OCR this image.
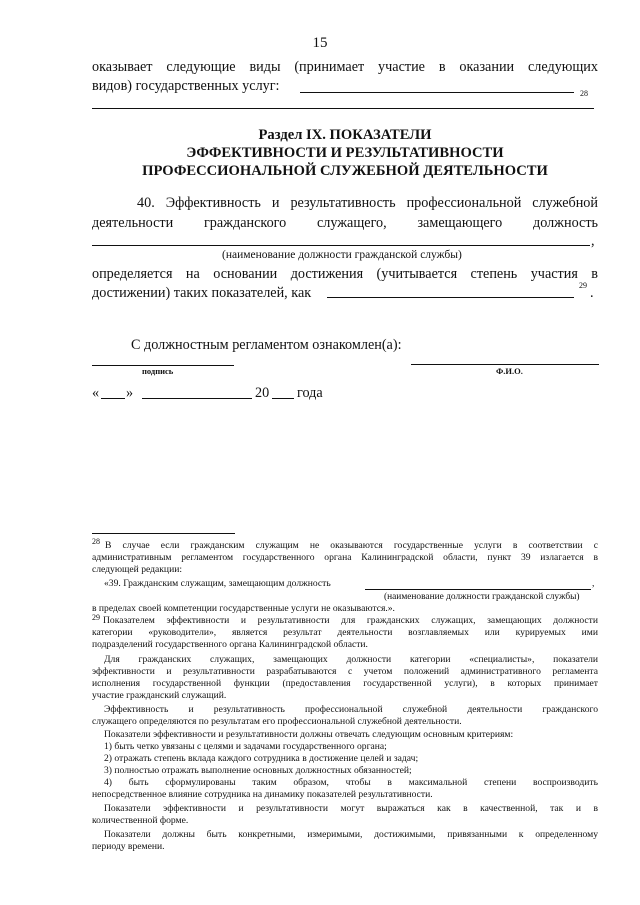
15
оказывает следующие виды (принимает участие в оказании следующих
видов) государственных услуг:	28
Раздел IX. ПОКАЗАТЕЛИ
ЭФФЕКТИВНОСТИ И РЕЗУЛЬТАТИВНОСТИ
ПРОФЕССИОНАЛЬНОЙ СЛУЖЕБНОЙ ДЕЯТЕЛЬНОСТИ
40. Эффективность и результативность профессиональной служебной
деятельности гражданского служащего, замещающего должность
,
(наименование должности гражданской службы)
определяется на основании достижения (учитывается степень участия в
достижении) таких показателей, как	29 .
С должностным регламентом ознакомлен(а):
подпись	Ф.И.О.
« »	20 года
28 В случае если гражданским служащим не оказываются государственные услуги в соответствии с
административным регламентом государственного органа Калининградской области, пункт 39 излагается в
следующей редакции:
«39. Гражданским служащим, замещающим должность	,
(наименование должности гражданской службы)
в пределах своей компетенции государственные услуги не оказываются.».
29 Показателем эффективности и результативности для гражданских служащих, замещающих должности
категории «руководители», является результат деятельности возглавляемых или курируемых ими
подразделений государственного органа Калининградской области.
Для гражданских служащих, замещающих должности категории «специалисты», показатели
эффективности и результативности разрабатываются с учетом положений административного регламента
исполнения государственной функции (предоставления государственной услуги), в которых принимает
участие гражданский служащий.
Эффективность и результативность профессиональной служебной деятельности гражданского
служащего определяются по результатам его профессиональной служебной деятельности.
Показатели эффективности и результативности должны отвечать следующим основным критериям:
1) быть четко увязаны с целями и задачами государственного органа;
2) отражать степень вклада каждого сотрудника в достижение целей и задач;
3) полностью отражать выполнение основных должностных обязанностей;
4) быть сформулированы таким образом, чтобы в максимальной степени воспроизводить
непосредственное влияние сотрудника на динамику показателей результативности.
Показатели эффективности и результативности могут выражаться как в качественной, так и в
количественной форме.
Показатели должны быть конкретными, измеримыми, достижимыми, привязанными к определенному
периоду времени.
